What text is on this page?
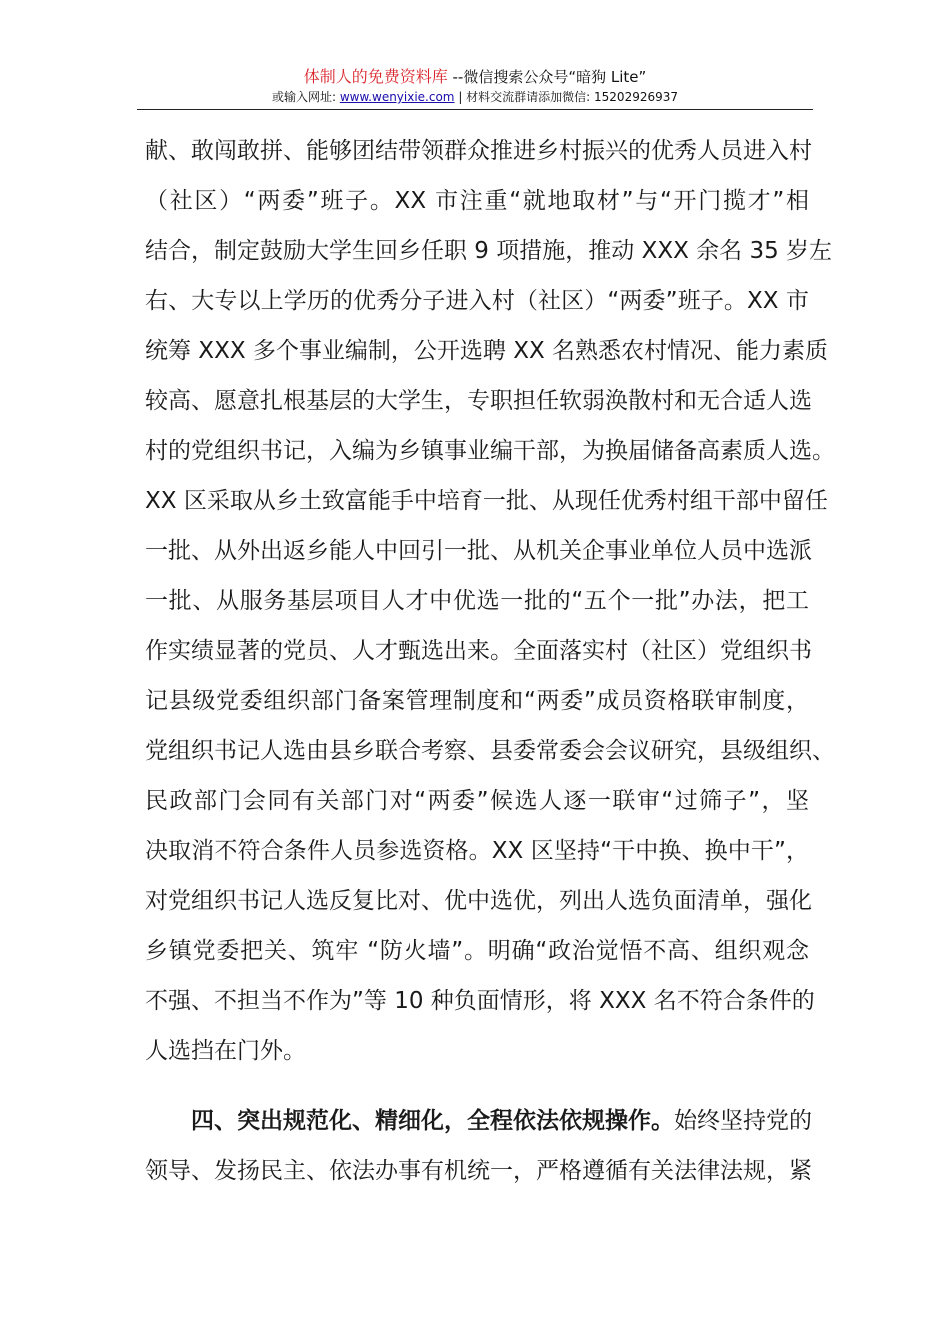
体制人的免费资料库 --微信搜索公众号“暗狗 Lite”
或输入网址: www.wenyixie.com | 材料交流群请添加微信: 15202926937
献、敢闯敢拼、能够团结带领群众推进乡村振兴的优秀人员进入村
（社区）“两委”班子。XX 市注重“就地取材”与“开门揽才”相
结合，制定鼓励大学生回乡任职 9 项措施，推动 XXX 余名 35 岁左
右、大专以上学历的优秀分子进入村（社区）“两委”班子。XX 市
统筹 XXX 多个事业编制，公开选聘 XX 名熟悉农村情况、能力素质
较高、愿意扎根基层的大学生，专职担任软弱涣散村和无合适人选
村的党组织书记，入编为乡镇事业编干部，为换届储备高素质人选。
XX 区采取从乡土致富能手中培育一批、从现任优秀村组干部中留任
一批、从外出返乡能人中回引一批、从机关企事业单位人员中选派
一批、从服务基层项目人才中优选一批的“五个一批”办法，把工
作实绩显著的党员、人才甄选出来。全面落实村（社区）党组织书
记县级党委组织部门备案管理制度和“两委”成员资格联审制度，
党组织书记人选由县乡联合考察、县委常委会会议研究，县级组织、
民政部门会同有关部门对“两委”候选人逐一联审“过筛子”，坚
决取消不符合条件人员参选资格。XX 区坚持“干中换、换中干”，
对党组织书记人选反复比对、优中选优，列出人选负面清单，强化
乡镇党委把关、筑牢 “防火墙”。明确“政治觉悟不高、组织观念
不强、不担当不作为”等 10 种负面情形，将 XXX 名不符合条件的
人选挡在门外。
四、突出规范化、精细化，全程依法依规操作。始终坚持党的
领导、发扬民主、依法办事有机统一，严格遵循有关法律法规，紧
